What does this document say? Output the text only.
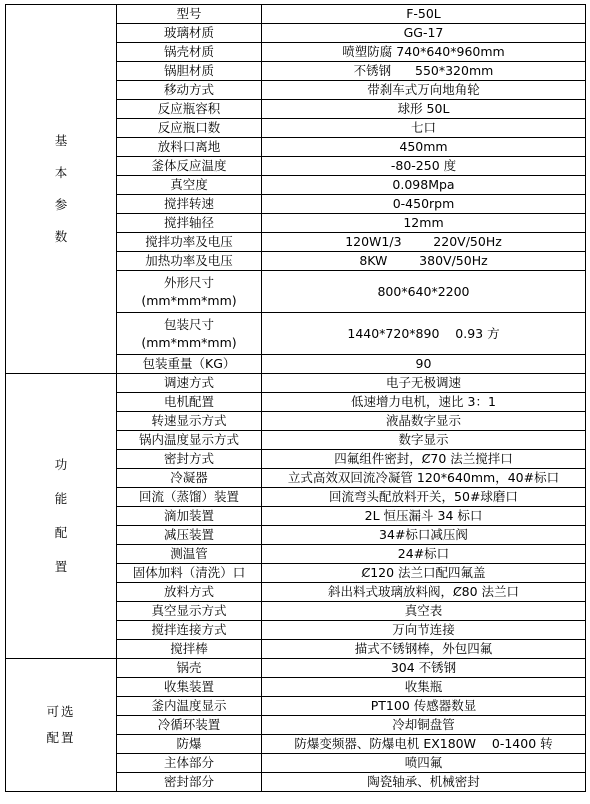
基
本
参
数	型号	F-50L
	玻璃材质	GG-17
	锅壳材质	喷塑防腐 740*640*960mm
	锅胆材质	不锈钢      550*320mm
	移动方式	带刹车式万向地角轮
	反应瓶容积	球形 50L
	反应瓶口数	七口
	放料口离地	450mm
	釜体反应温度	-80-250 度
	真空度	0.098Mpa
	搅拌转速	0-450rpm
	搅拌轴径	12mm
	搅拌功率及电压	120W1/3        220V/50Hz
	加热功率及电压	8KW        380V/50Hz

	外形尺寸
(mm*mm*mm)	800*640*2200

	包装尺寸
(mm*mm*mm)	1440*720*890    0.93 方
	包装重量（KG）	90

功
能
配
置	调速方式	电子无极调速
	电机配置	低速增力电机，速比 3：1
	转速显示方式	液晶数字显示
	锅内温度显示方式	数字显示
	密封方式	四氟组件密封，Ȼ70 法兰搅拌口
	冷凝器	立式高效双回流冷凝管 120*640mm，40#标口
	回流（蒸馏）装置	回流弯头配放料开关，50#球磨口
	滴加装置	2L 恒压漏斗 34 标口
	减压装置	34#标口减压阀
	测温管	24#标口
	固体加料（清洗）口	Ȼ120 法兰口配四氟盖
	放料方式	斜出料式玻璃放料阀，Ȼ80 法兰口
	真空显示方式	真空表
	搅拌连接方式	万向节连接
	搅拌棒	描式不锈钢棒，外包四氟

可选
配置	锅壳	304 不锈钢
	收集装置	收集瓶
	釜内温度显示	PT100 传感器数显
	冷循环装置	冷却铜盘管
	防爆	防爆变频器、防爆电机 EX180W    0-1400 转
	主体部分	喷四氟
	密封部分	陶瓷轴承、机械密封
